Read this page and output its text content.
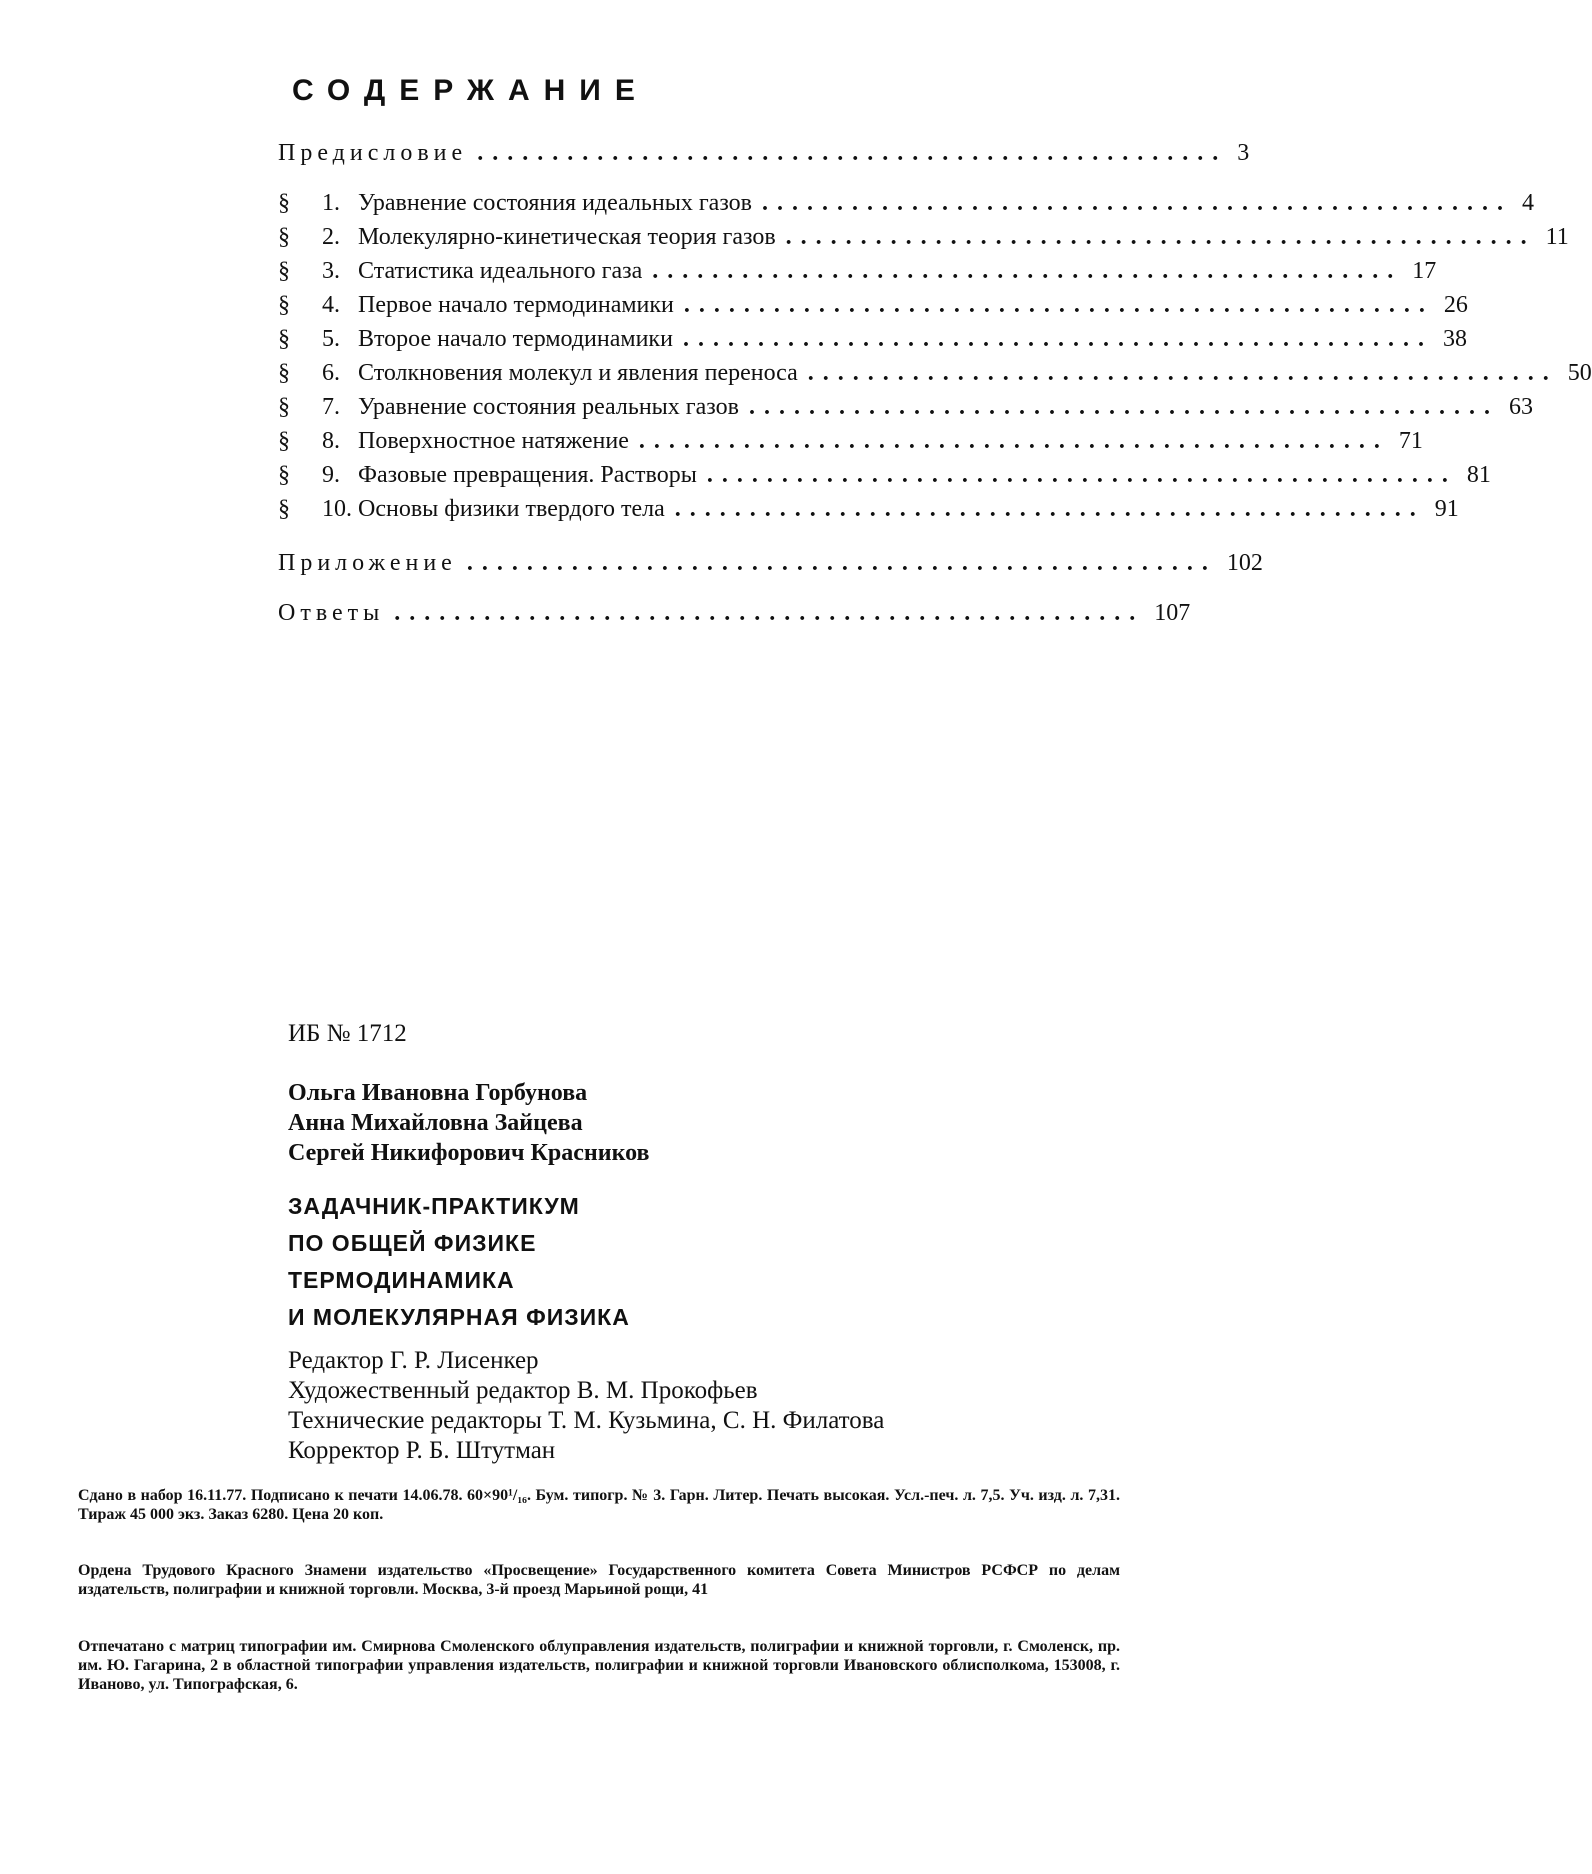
СОДЕРЖАНИЕ
Предисловие .................................................. 3
§ 1. Уравнение состояния идеальных газов .................................................. 4
§ 2. Молекулярно-кинетическая теория газов .................................................. 11
§ 3. Статистика идеального газа .................................................. 17
§ 4. Первое начало термодинамики .................................................. 26
§ 5. Второе начало термодинамики .................................................. 38
§ 6. Столкновения молекул и явления переноса .................................................. 50
§ 7. Уравнение состояния реальных газов .................................................. 63
§ 8. Поверхностное натяжение .................................................. 71
§ 9. Фазовые превращения. Растворы .................................................. 81
§ 10. Основы физики твердого тела .................................................. 91
Приложение .................................................. 102
Ответы .................................................. 107
ИБ № 1712
Ольга Ивановна Горбунова
Анна Михайловна Зайцева
Сергей Никифорович Красников
ЗАДАЧНИК-ПРАКТИКУМ
ПО ОБЩЕЙ ФИЗИКЕ
ТЕРМОДИНАМИКА
И МОЛЕКУЛЯРНАЯ ФИЗИКА
Редактор Г. Р. Лисенкер
Художественный редактор В. М. Прокофьев
Технические редакторы Т. М. Кузьмина, С. Н. Филатова
Корректор Р. Б. Штутман

Сдано в набор 16.11.77. Подписано к печати 14.06.78. 60×90¹/₁₆. Бум. типогр. № 3. Гарн. Литер. Печать высокая. Усл.-печ. л. 7,5. Уч. изд. л. 7,31. Тираж 45 000 экз. Заказ 6280. Цена 20 коп.

Ордена Трудового Красного Знамени издательство «Просвещение» Государственного комитета Совета Министров РСФСР по делам издательств, полиграфии и книжной торговли. Москва, 3-й проезд Марьиной рощи, 41

Отпечатано с матриц типографии им. Смирнова Смоленского облуправления издательств, полиграфии и книжной торговли, г. Смоленск, пр. им. Ю. Гагарина, 2 в областной типографии управления издательств, полиграфии и книжной торговли Ивановского облисполкома, 153008, г. Иваново, ул. Типографская, 6.
